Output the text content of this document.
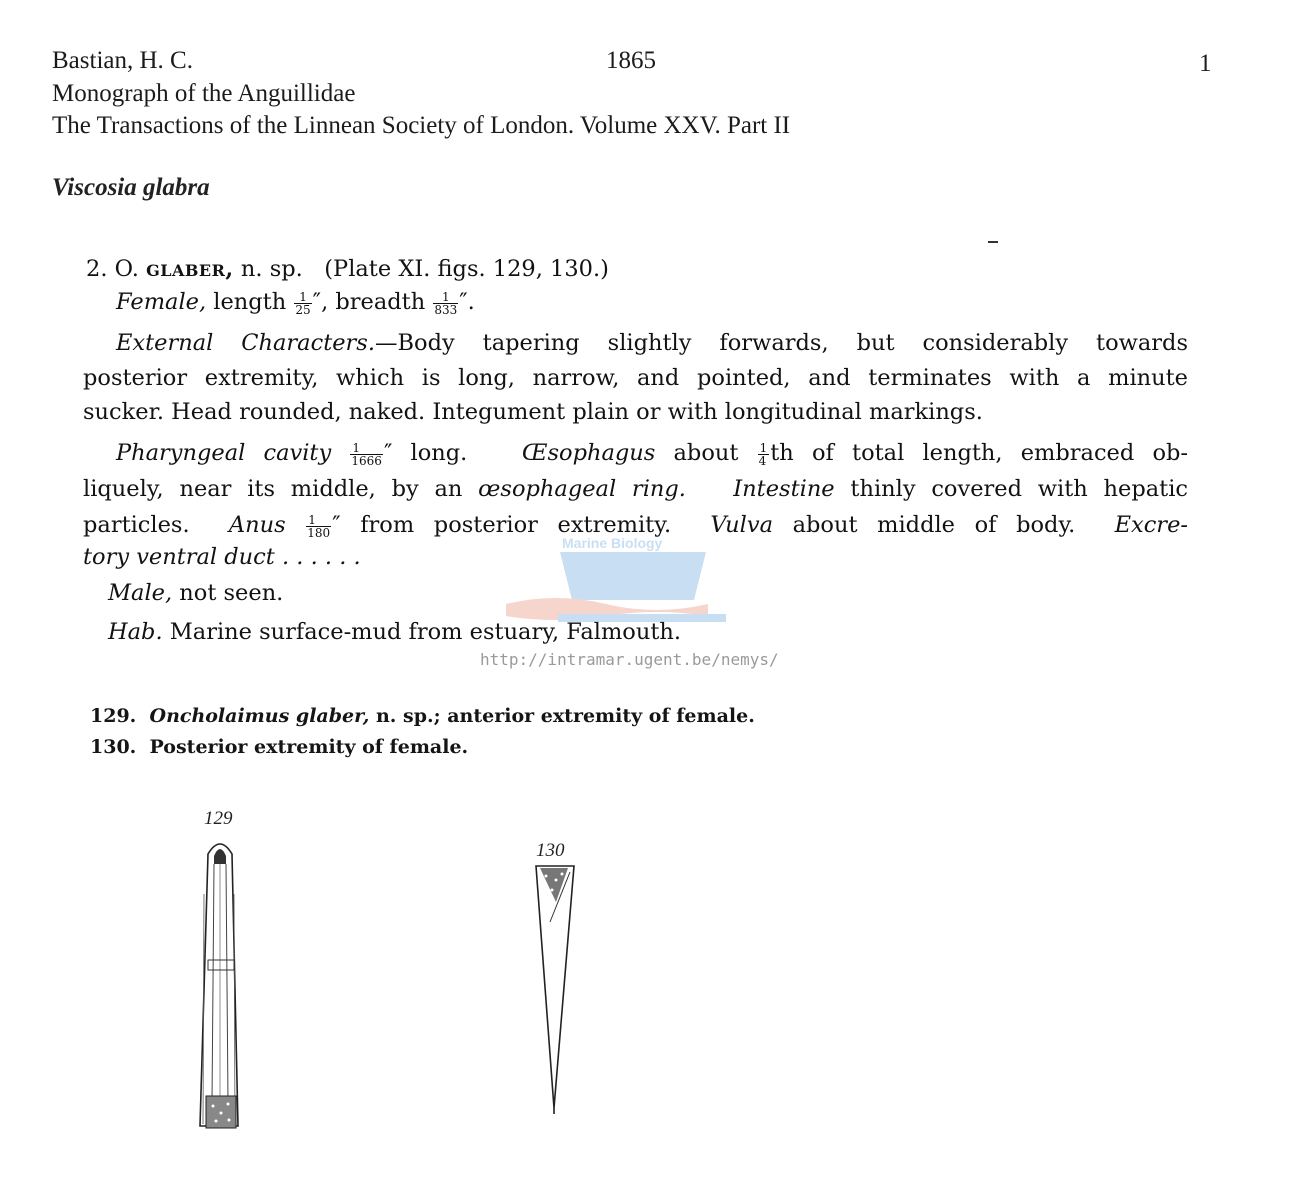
Bastian, H. C.	1865	1
Monograph of the Anguillidae
The Transactions of the Linnean Society of London. Volume XXV. Part II
Viscosia glabra
2. O. glaber, n. sp. (Plate XI. figs. 129, 130.)
Female, length $\frac{1}{25}$ ″, breadth $\frac{1}{833}$ ″.
External Characters.—Body tapering slightly forwards, but considerably towards
posterior extremity, which is long, narrow, and pointed, and terminates with a minute
sucker. Head rounded, naked. Integument plain or with longitudinal markings.
Pharyngeal cavity $\frac{1}{1666}$ ″ long. Œsophagus about $\frac{1}{4}$ th of total length, embraced ob-
liquely, near its middle, by an œsophageal ring. Intestine thinly covered with hepatic
particles. Anus $\frac{1}{180}$ ″ from posterior extremity. Vulva about middle of body. Excre-
tory ventral duct . . . . . .
Male, not seen.
Hab. Marine surface-mud from estuary, Falmouth.
Marine Biology
http://intramar.ugent.be/nemys/
129. Oncholaimus glaber, n. sp.; anterior extremity of female.
130. Posterior extremity of female.
129
130
